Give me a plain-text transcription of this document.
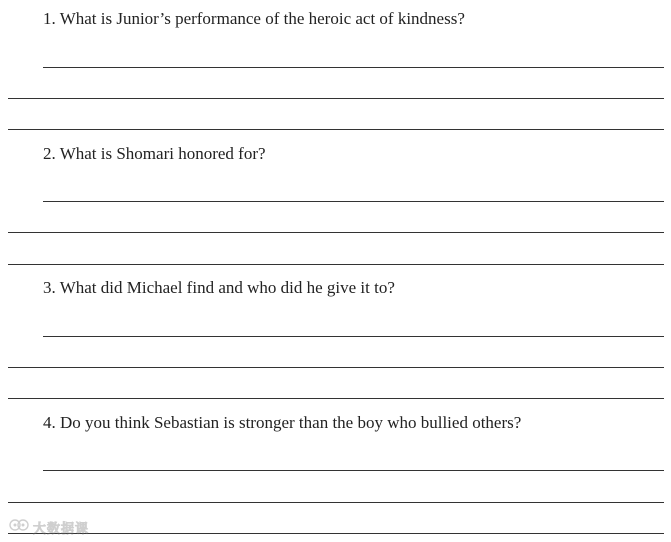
1. What is Junior’s performance of the heroic act of kindness?
2. What is Shomari honored for?
3. What did Michael find and who did he give it to?
4. Do you think Sebastian is stronger than the boy who bullied others?
大数据课
